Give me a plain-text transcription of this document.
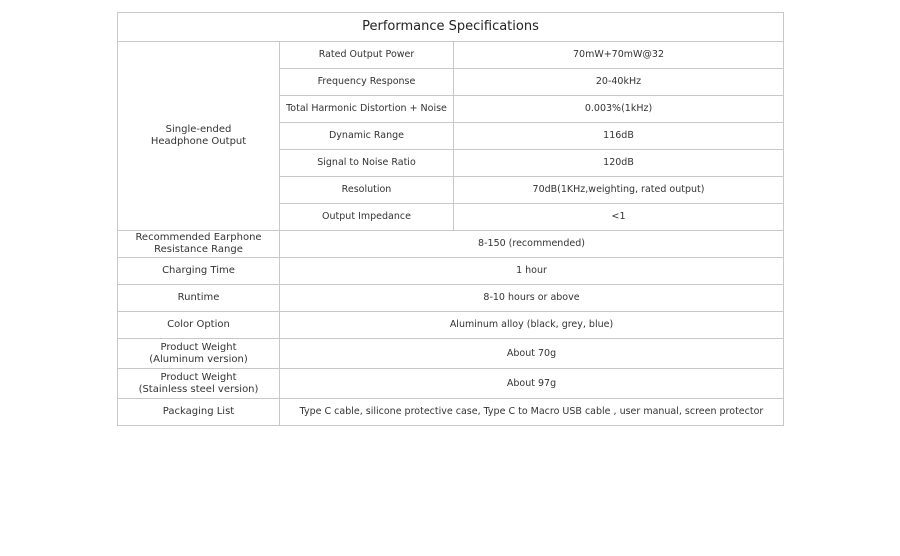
Performance Specifications		
Single-ended
Headphone Output	Rated Output Power	70mW+70mW@32
	Frequency Response	20-40kHz
	Total Harmonic Distortion + Noise	0.003%(1kHz)
	Dynamic Range	116dB
	Signal to Noise Ratio	120dB
	Resolution	70dB(1KHz,weighting, rated output)
	Output Impedance	<1
Recommended Earphone
Resistance Range	8-150 (recommended)	
Charging Time	1 hour	
Runtime	8-10 hours or above	
Color Option	Aluminum alloy (black, grey, blue)	
Product Weight
(Aluminum version)	About 70g	
Product Weight
(Stainless steel version)	About 97g	
Packaging List	Type C cable, silicone protective case, Type C to Macro USB cable , user manual, screen protector	
